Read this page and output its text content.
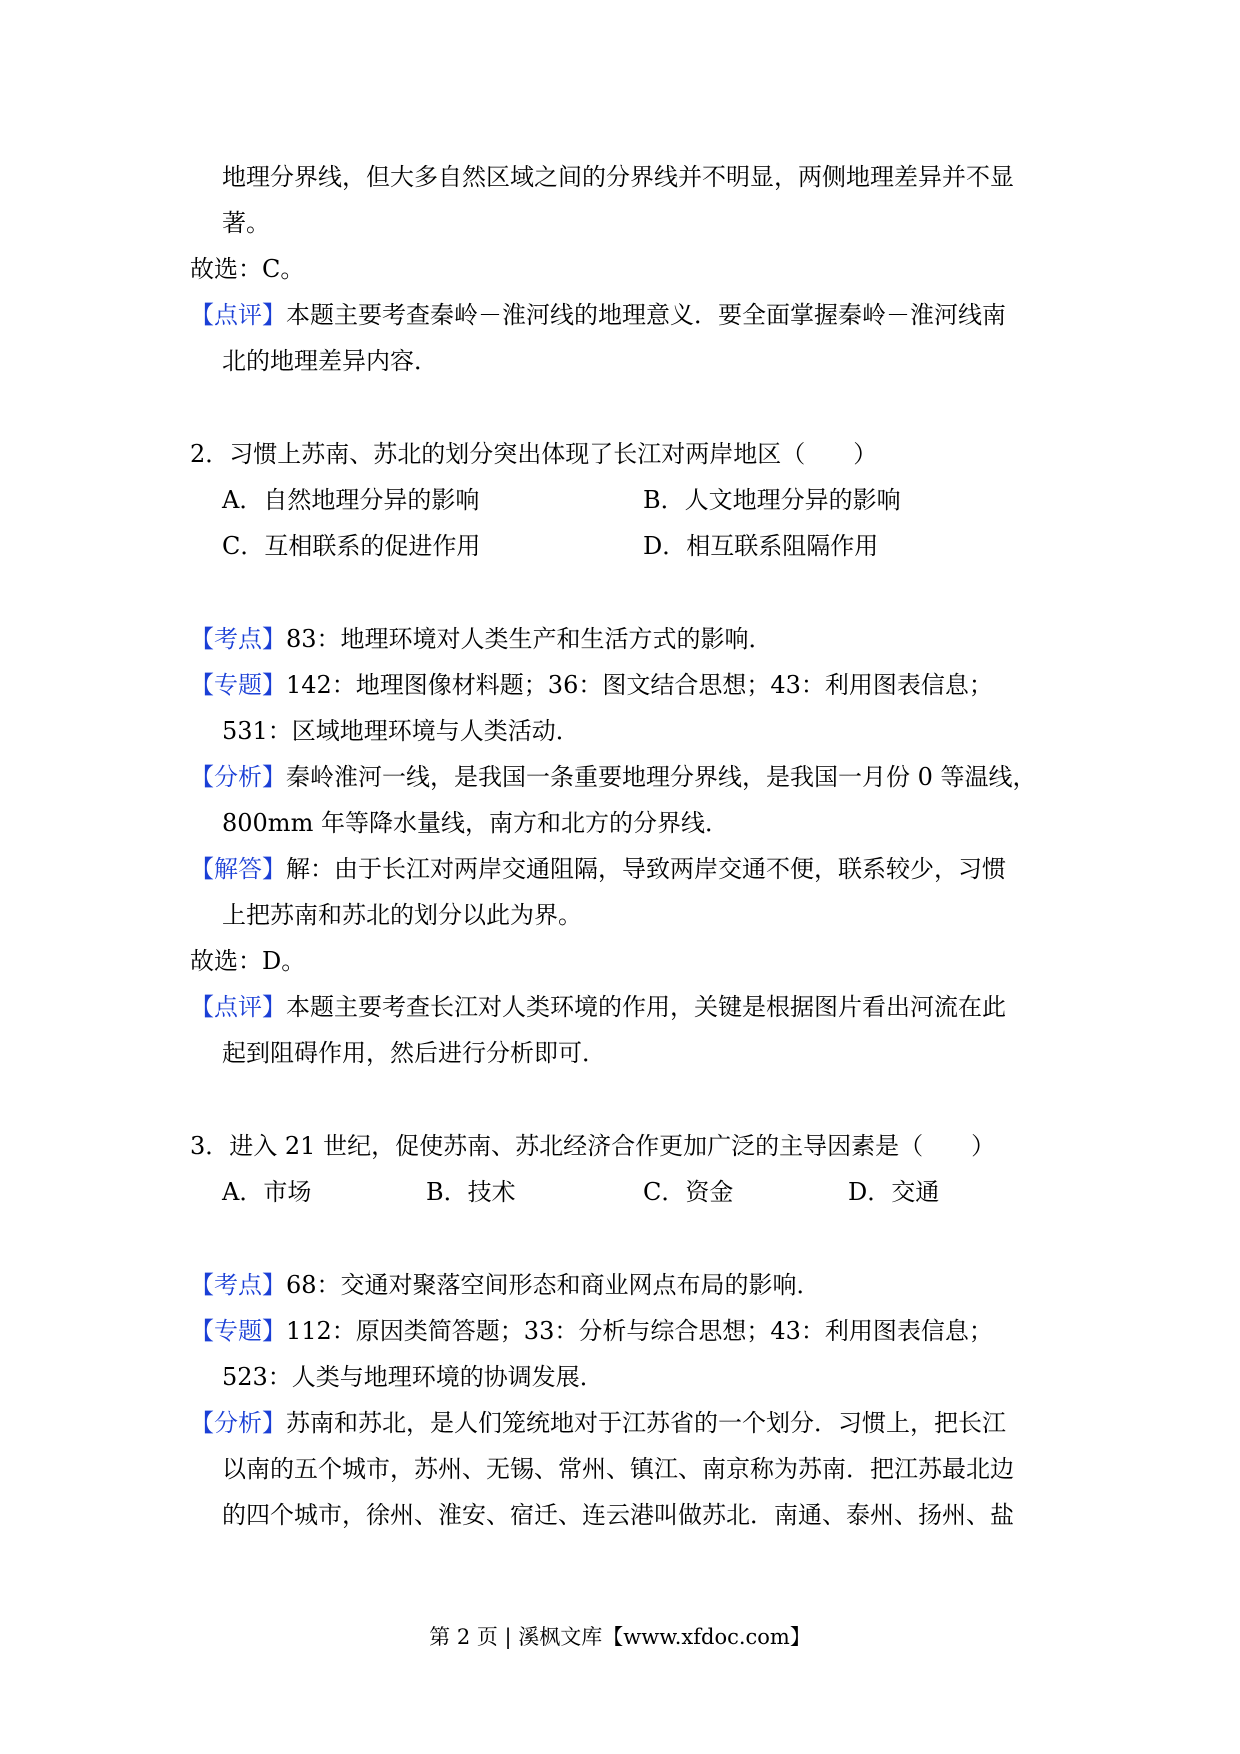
地理分界线，但大多自然区域之间的分界线并不明显，两侧地理差异并不显
著。
故选：C。
【点评】本题主要考查秦岭－淮河线的地理意义．要全面掌握秦岭－淮河线南
北的地理差异内容．
2．习惯上苏南、苏北的划分突出体现了长江对两岸地区（　　）
A．自然地理分异的影响	B．人文地理分异的影响
C．互相联系的促进作用	D．相互联系阻隔作用
【考点】83：地理环境对人类生产和生活方式的影响．
【专题】142：地理图像材料题；36：图文结合思想；43：利用图表信息；
531：区域地理环境与人类活动．
【分析】秦岭淮河一线，是我国一条重要地理分界线，是我国一月份 0 等温线，
800mm 年等降水量线，南方和北方的分界线．
【解答】解：由于长江对两岸交通阻隔，导致两岸交通不便，联系较少，习惯
上把苏南和苏北的划分以此为界。
故选：D。
【点评】本题主要考查长江对人类环境的作用，关键是根据图片看出河流在此
起到阻碍作用，然后进行分析即可．
3．进入 21 世纪，促使苏南、苏北经济合作更加广泛的主导因素是（　　）
A．市场	B．技术	C．资金	D．交通
【考点】68：交通对聚落空间形态和商业网点布局的影响．
【专题】112：原因类简答题；33：分析与综合思想；43：利用图表信息；
523：人类与地理环境的协调发展．
【分析】苏南和苏北，是人们笼统地对于江苏省的一个划分．习惯上，把长江
以南的五个城市，苏州、无锡、常州、镇江、南京称为苏南．把江苏最北边
的四个城市，徐州、淮安、宿迁、连云港叫做苏北．南通、泰州、扬州、盐
第 2 页 | 溪枫文库【www.xfdoc.com】
